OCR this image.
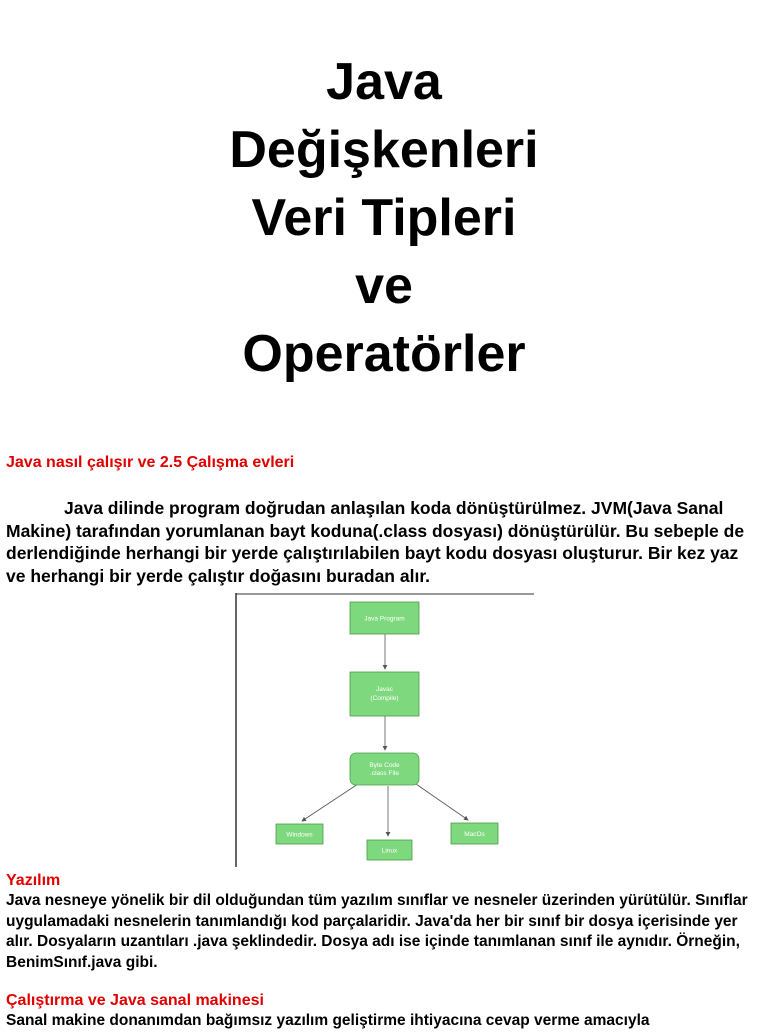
Java
Değişkenleri
Veri Tipleri
ve
Operatörler
Java nasıl çalışır ve 2.5 Çalışma evleri

Java dilinde program doğrudan anlaşılan koda dönüştürülmez. JVM(Java Sanal Makine) tarafından yorumlanan bayt koduna(.class dosyası) dönüştürülür. Bu sebeple de derlendiğinde herhangi bir yerde çalıştırılabilen bayt kodu dosyası oluşturur. Bir kez yaz ve herhangi bir yerde çalıştır doğasını buradan alır.

Java Program
Javac
(Compile)
Byte Code
.class File
Windows
Linux
MacOs
Yazılım

Java nesneye yönelik bir dil olduğundan tüm yazılım sınıflar ve nesneler üzerinden yürütülür. Sınıflar uygulamadaki nesnelerin tanımlandığı kod parçalaridir. Java'da her bir sınıf bir dosya içerisinde yer alır. Dosyaların uzantıları .java şeklindedir. Dosya adı ise içinde tanımlanan sınıf ile aynıdır. Örneğin, BenimSınıf.java gibi.

Çalıştırma ve Java sanal makinesi

Sanal makine donanımdan bağımsız yazılım geliştirme ihtiyacına cevap verme amacıyla
